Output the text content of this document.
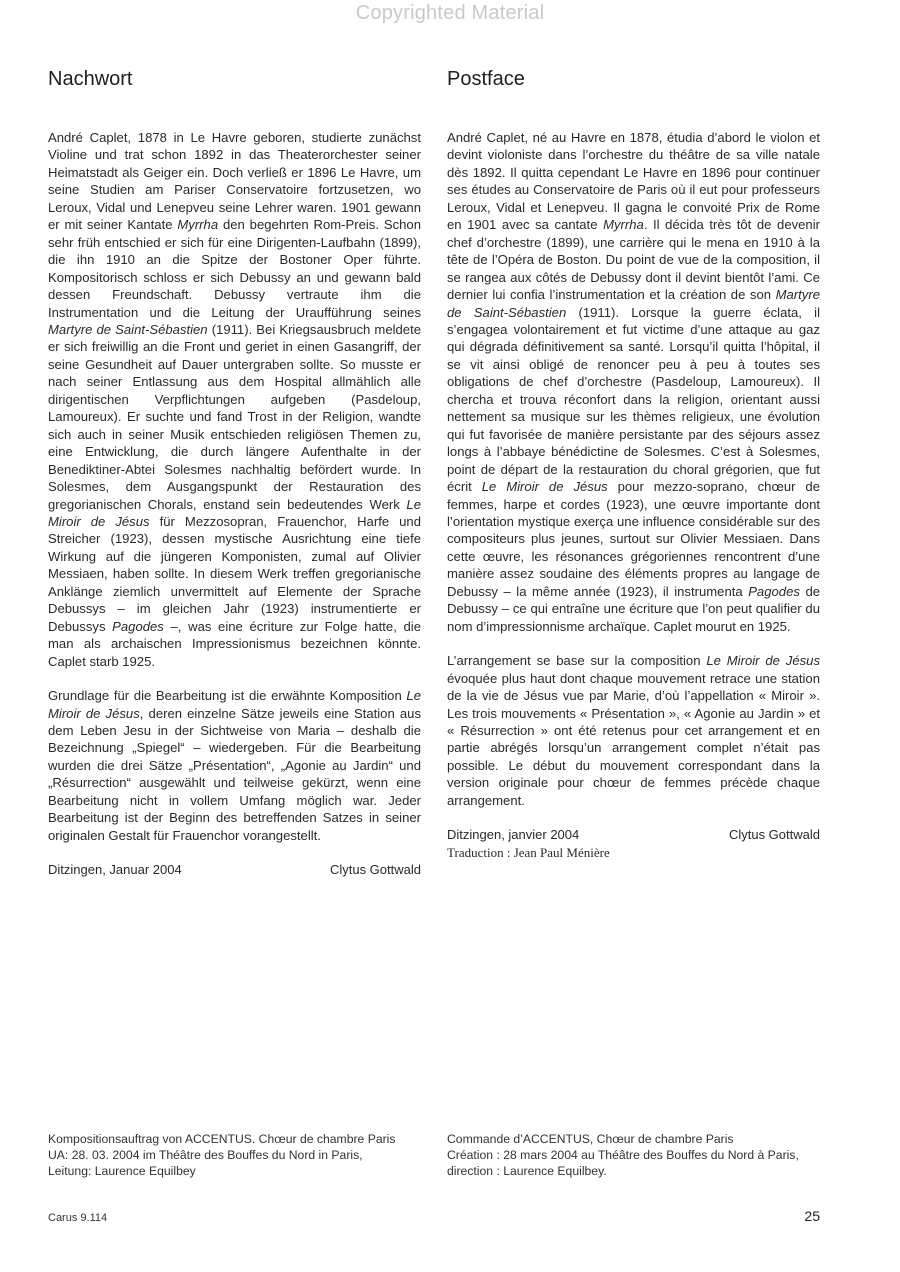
Copyrighted Material
Nachwort

André Caplet, 1878 in Le Havre geboren, studierte zunächst Violine und trat schon 1892 in das Theaterorchester seiner Heimatstadt als Geiger ein. Doch verließ er 1896 Le Havre, um seine Studien am Pariser Conservatoire fortzusetzen, wo Leroux, Vidal und Lenepveu seine Lehrer waren. 1901 gewann er mit seiner Kantate Myrrha den begehrten Rom-Preis. Schon sehr früh entschied er sich für eine Dirigenten-Laufbahn (1899), die ihn 1910 an die Spitze der Bostoner Oper führte. Kompositorisch schloss er sich Debussy an und gewann bald dessen Freundschaft. Debussy vertraute ihm die Instrumentation und die Leitung der Uraufführung seines Martyre de Saint-Sébastien (1911). Bei Kriegsausbruch meldete er sich freiwillig an die Front und geriet in einen Gasangriff, der seine Gesundheit auf Dauer untergraben sollte. So musste er nach seiner Entlassung aus dem Hospital allmählich alle dirigentischen Verpflichtungen aufgeben (Pasdeloup, Lamoureux). Er suchte und fand Trost in der Religion, wandte sich auch in seiner Musik entschieden religiösen Themen zu, eine Entwicklung, die durch längere Aufenthalte in der Benediktiner-Abtei Solesmes nachhaltig befördert wurde. In Solesmes, dem Ausgangspunkt der Restauration des gregorianischen Chorals, enstand sein bedeutendes Werk Le Miroir de Jésus für Mezzosopran, Frauenchor, Harfe und Streicher (1923), dessen mystische Ausrichtung eine tiefe Wirkung auf die jüngeren Komponisten, zumal auf Olivier Messiaen, haben sollte. In diesem Werk treffen gregorianische Anklänge ziemlich unvermittelt auf Elemente der Sprache Debussys – im gleichen Jahr (1923) instrumentierte er Debussys Pagodes –, was eine écriture zur Folge hatte, die man als archaischen Impressionismus bezeichnen könnte. Caplet starb 1925.

Grundlage für die Bearbeitung ist die erwähnte Komposition Le Miroir de Jésus, deren einzelne Sätze jeweils eine Station aus dem Leben Jesu in der Sichtweise von Maria – deshalb die Bezeichnung „Spiegel“ – wiedergeben. Für die Bearbeitung wurden die drei Sätze „Présentation“, „Agonie au Jardin“ und „Résurrection“ ausgewählt und teilweise gekürzt, wenn eine Bearbeitung nicht in vollem Umfang möglich war. Jeder Bearbeitung ist der Beginn des betreffenden Satzes in seiner originalen Gestalt für Frauenchor vorangestellt.

Ditzingen, Januar 2004	Clytus Gottwald
Postface

André Caplet, né au Havre en 1878, étudia d’abord le violon et devint violoniste dans l’orchestre du théâtre de sa ville natale dès 1892. Il quitta cependant Le Havre en 1896 pour continuer ses études au Conservatoire de Paris où il eut pour professeurs Leroux, Vidal et Lenepveu. Il gagna le convoité Prix de Rome en 1901 avec sa cantate Myrrha. Il décida très tôt de devenir chef d’orchestre (1899), une carrière qui le mena en 1910 à la tête de l’Opéra de Boston. Du point de vue de la composition, il se rangea aux côtés de Debussy dont il devint bientôt l’ami. Ce dernier lui confia l’instrumentation et la création de son Martyre de Saint-Sébastien (1911). Lorsque la guerre éclata, il s’engagea volontairement et fut victime d’une attaque au gaz qui dégrada définitivement sa santé. Lorsqu’il quitta l’hôpital, il se vit ainsi obligé de renoncer peu à peu à toutes ses obligations de chef d’orchestre (Pasdeloup, Lamoureux). Il chercha et trouva réconfort dans la religion, orientant aussi nettement sa musique sur les thèmes religieux, une évolution qui fut favorisée de manière persistante par des séjours assez longs à l’abbaye bénédictine de Solesmes. C’est à Solesmes, point de départ de la restauration du choral grégorien, que fut écrit Le Miroir de Jésus pour mezzo-soprano, chœur de femmes, harpe et cordes (1923), une œuvre importante dont l’orientation mystique exerça une influence considérable sur des compositeurs plus jeunes, surtout sur Olivier Messiaen. Dans cette œuvre, les résonances grégoriennes rencontrent d’une manière assez soudaine des éléments propres au langage de Debussy – la même année (1923), il instrumenta Pagodes de Debussy – ce qui entraîne une écriture que l’on peut qualifier du nom d’impressionnisme archaïque. Caplet mourut en 1925.

L’arrangement se base sur la composition Le Miroir de Jésus évoquée plus haut dont chaque mouvement retrace une station de la vie de Jésus vue par Marie, d’où l’appellation « Miroir ». Les trois mouvements « Présentation », « Agonie au Jardin » et « Résurrection » ont été retenus pour cet arrangement et en partie abrégés lorsqu’un arrangement complet n’était pas possible. Le début du mouvement correspondant dans la version originale pour chœur de femmes précède chaque arrangement.

Ditzingen, janvier 2004	Clytus Gottwald
Traduction : Jean Paul Ménière
Kompositionsauftrag von ACCENTUS. Chœur de chambre Paris
UA: 28. 03. 2004 im Théâtre des Bouffes du Nord in Paris,
Leitung: Laurence Equilbey
Commande d’ACCENTUS, Chœur de chambre Paris
Création : 28 mars 2004 au Théâtre des Bouffes du Nord à Paris,
direction : Laurence Equilbey.
Carus 9.114	25
